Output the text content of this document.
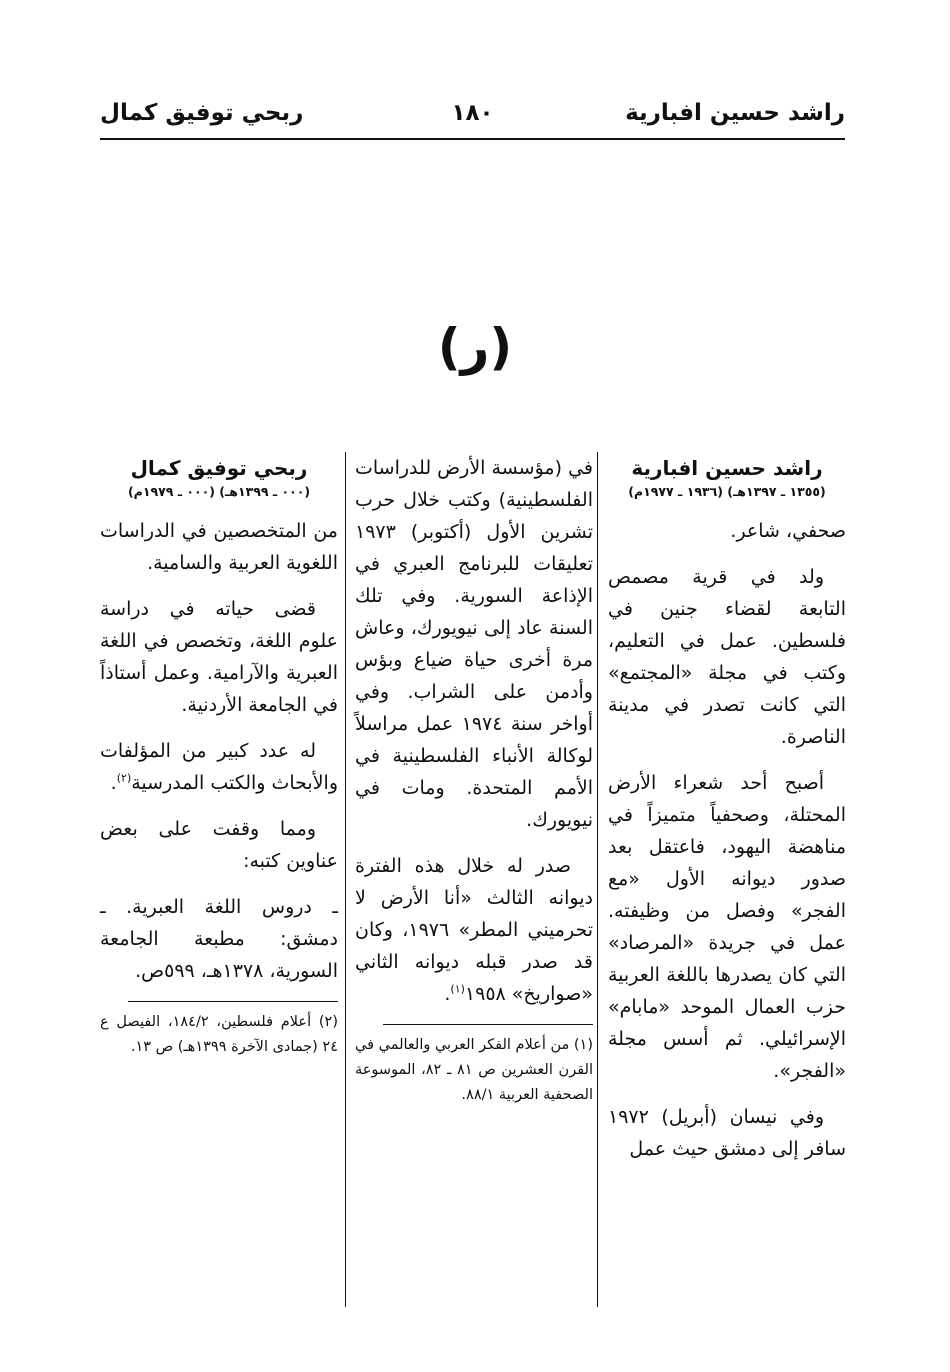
راشد حسين افبارية
١٨٠
ربحي توفيق كمال
(ر)
راشد حسين افبارية
(١٣٥٥ ـ ١٣٩٧هـ) (١٩٣٦ ـ ١٩٧٧م)

صحفي، شاعر.

ولد في قرية مصمص التابعة لقضاء جنين في فلسطين. عمل في التعليم، وكتب في مجلة «المجتمع» التي كانت تصدر في مدينة الناصرة.

أصبح أحد شعراء الأرض المحتلة، وصحفياً متميزاً في مناهضة اليهود، فاعتقل بعد صدور ديوانه الأول «مع الفجر» وفصل من وظيفته. عمل في جريدة «المرصاد» التي كان يصدرها باللغة العربية حزب العمال الموحد «مابام» الإسرائيلي. ثم أسس مجلة «الفجر».

وفي نيسان (أبريل) ١٩٧٢ سافر إلى دمشق حيث عمل

في (مؤسسة الأرض للدراسات الفلسطينية) وكتب خلال حرب تشرين الأول (أكتوبر) ١٩٧٣ تعليقات للبرنامج العبري في الإذاعة السورية. وفي تلك السنة عاد إلى نيويورك، وعاش مرة أخرى حياة ضياع وبؤس وأدمن على الشراب. وفي أواخر سنة ١٩٧٤ عمل مراسلاً لوكالة الأنباء الفلسطينية في الأمم المتحدة. ومات في نيويورك.

صدر له خلال هذه الفترة ديوانه الثالث «أنا الأرض لا تحرميني المطر» ١٩٧٦، وكان قد صدر قبله ديوانه الثاني «صواريخ» ١٩٥٨$^{(١)}$.

(١) من أعلام الفكر العربي والعالمي في القرن العشرين ص ٨١ ـ ٨٢، الموسوعة الصحفية العربية ٨٨/١.

ربحي توفيق كمال
(٠٠٠ ـ ١٣٩٩هـ) (٠٠٠ ـ ١٩٧٩م)

من المتخصصين في الدراسات اللغوية العربية والسامية.

قضى حياته في دراسة علوم اللغة، وتخصص في اللغة العبرية والآرامية. وعمل أستاذاً في الجامعة الأردنية.

له عدد كبير من المؤلفات والأبحاث والكتب المدرسية$^{(٢)}$.

ومما وقفت على بعض عناوين كتبه:

ـ دروس اللغة العبرية. ـ دمشق: مطبعة الجامعة السورية، ١٣٧٨هـ، ٥٩٩ص.

(٢) أعلام فلسطين، ١٨٤/٢، الفيصل ع ٢٤ (جمادى الآخرة ١٣٩٩هـ) ص ١٣.
